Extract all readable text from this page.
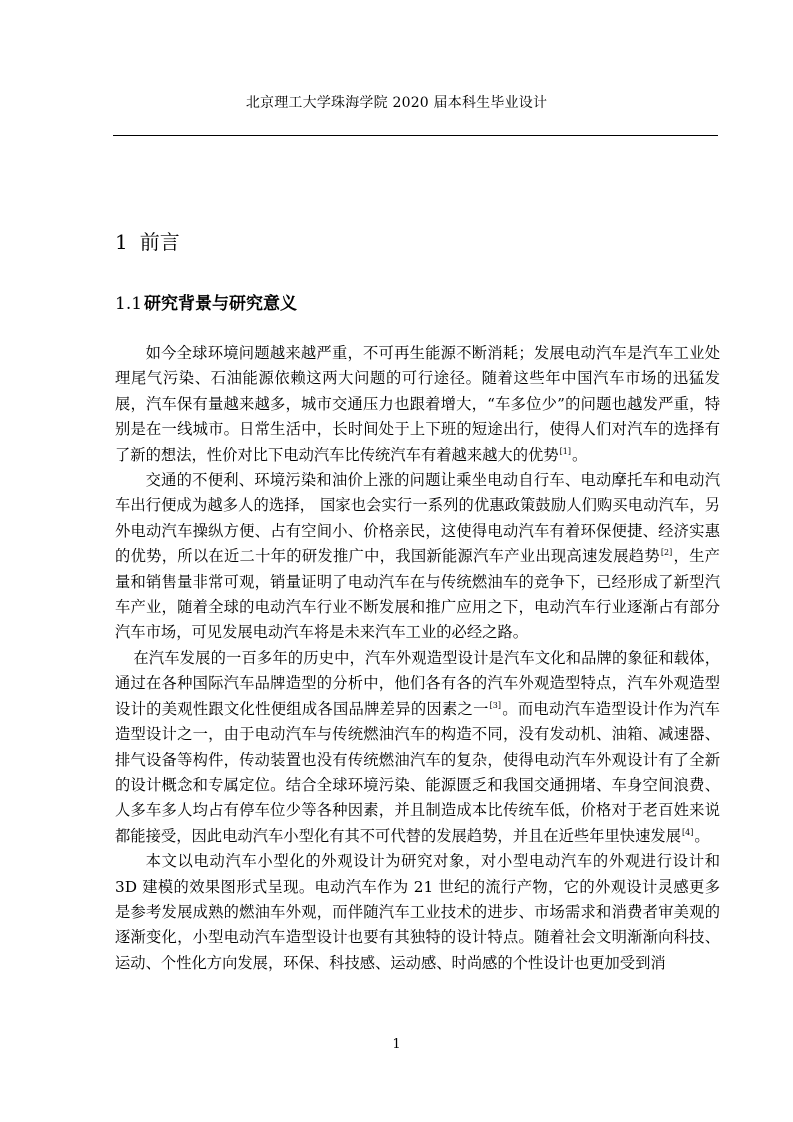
北京理工大学珠海学院 2020 届本科生毕业设计
1 前言
1.1 研究背景与研究意义

如今全球环境问题越来越严重，不可再生能源不断消耗；发展电动汽车是汽车工业处理尾气污染、石油能源依赖这两大问题的可行途径。随着这些年中国汽车市场的迅猛发展，汽车保有量越来越多，城市交通压力也跟着增大，“车多位少”的问题也越发严重，特别是在一线城市。日常生活中，长时间处于上下班的短途出行，使得人们对汽车的选择有了新的想法，性价对比下电动汽车比传统汽车有着越来越大的优势[1]。

交通的不便利、环境污染和油价上涨的问题让乘坐电动自行车、电动摩托车和电动汽车出行便成为越多人的选择， 国家也会实行一系列的优惠政策鼓励人们购买电动汽车，另外电动汽车操纵方便、占有空间小、价格亲民，这使得电动汽车有着环保便捷、经济实惠的优势，所以在近二十年的研发推广中，我国新能源汽车产业出现高速发展趋势[2]，生产量和销售量非常可观，销量证明了电动汽车在与传统燃油车的竞争下，已经形成了新型汽车产业，随着全球的电动汽车行业不断发展和推广应用之下，电动汽车行业逐渐占有部分汽车市场，可见发展电动汽车将是未来汽车工业的必经之路。

在汽车发展的一百多年的历史中，汽车外观造型设计是汽车文化和品牌的象征和载体，通过在各种国际汽车品牌造型的分析中，他们各有各的汽车外观造型特点，汽车外观造型设计的美观性跟文化性便组成各国品牌差异的因素之一[3]。而电动汽车造型设计作为汽车造型设计之一，由于电动汽车与传统燃油汽车的构造不同，没有发动机、油箱、减速器、排气设备等构件，传动装置也没有传统燃油汽车的复杂，使得电动汽车外观设计有了全新的设计概念和专属定位。结合全球环境污染、能源匮乏和我国交通拥堵、车身空间浪费、人多车多人均占有停车位少等各种因素，并且制造成本比传统车低，价格对于老百姓来说都能接受，因此电动汽车小型化有其不可代替的发展趋势，并且在近些年里快速发展[4]。

本文以电动汽车小型化的外观设计为研究对象，对小型电动汽车的外观进行设计和 3D 建模的效果图形式呈现。电动汽车作为 21 世纪的流行产物，它的外观设计灵感更多是参考发展成熟的燃油车外观，而伴随汽车工业技术的进步、市场需求和消费者审美观的逐渐变化，小型电动汽车造型设计也要有其独特的设计特点。随着社会文明渐渐向科技、运动、个性化方向发展，环保、科技感、运动感、时尚感的个性设计也更加受到消

1
